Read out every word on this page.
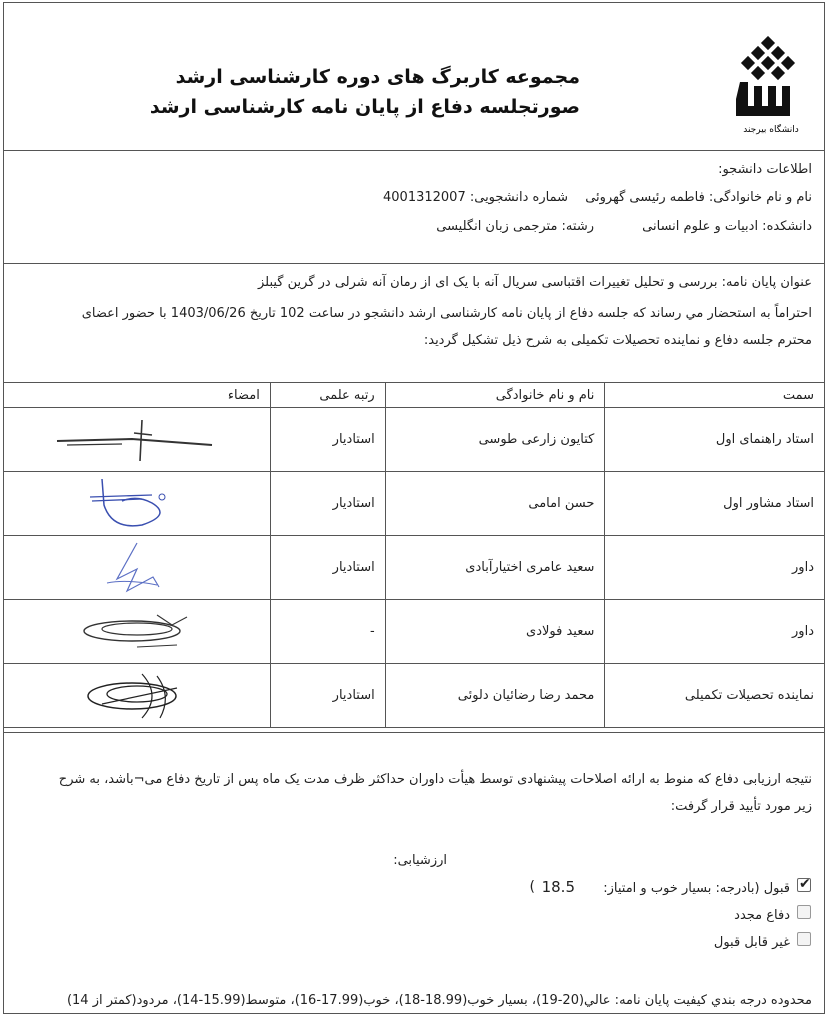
دانشگاه بیرجند
مجموعه کاربرگ های دوره کارشناسی ارشد
صورتجلسه دفاع از پایان نامه کارشناسی ارشد
اطلاعات دانشجو:
نام و نام خانوادگی: فاطمه رئیسی گهروئی
شماره دانشجویی: 4001312007
دانشکده: ادبیات و علوم انسانی
رشته: مترجمی زبان انگلیسی
عنوان پایان نامه: بررسی و تحلیل تغییرات اقتباسی سریال آنه با یک ای از رمان آنه شرلی در گرین گیبلز
احتراماً به استحضار مي رساند که جلسه دفاع از پایان نامه کارشناسی ارشد دانشجو در ساعت 102 تاریخ 1403/06/26 با حضور اعضای
محترم جلسه دفاع و نماینده تحصیلات تکمیلی به شرح ذیل تشکیل گردید:
سمت	نام و نام خانوادگی	رتبه علمی	امضاء
استاد راهنمای اول	کتایون زارعی طوسی	استادیار	

استاد مشاور اول	حسن امامی	استادیار	

داور	سعید عامری اختیارآبادی	استادیار	

داور	سعید فولادی	-	

نماینده تحصیلات تکمیلی	محمد رضا رضائیان دلوئی	استادیار	
نتیجه ارزیابی دفاع که منوط به ارائه اصلاحات پیشنهادی توسط هیأت داوران حداکثر ظرف مدت یک ماه پس از تاریخ دفاع می¬باشد، به شرح
زیر مورد تأیید قرار گرفت:
ارزشیابی:
✔
قبول (بادرجه: بسیار خوب و امتیاز:
18.5
)
دفاع مجدد
غیر قابل قبول
محدوده درجه بندي كيفيت پايان نامه: عالي(20-19)، بسيار خوب(18.99-18)، خوب(17.99-16)، متوسط(15.99-14)، مردود(کمتر از 14)
